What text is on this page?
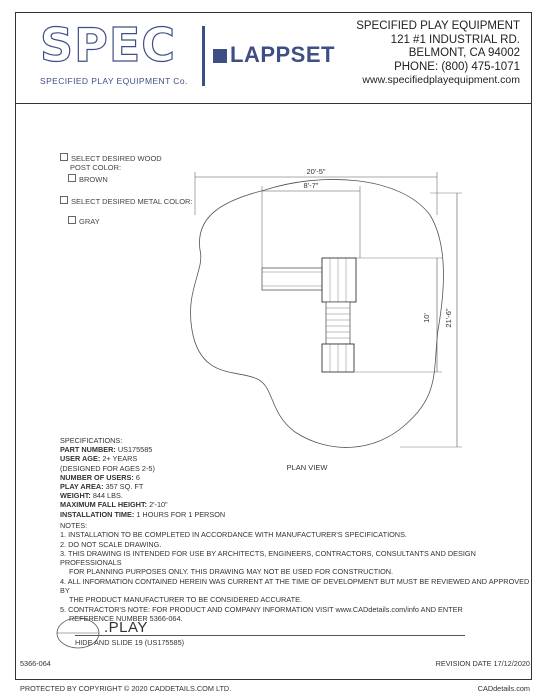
SPEC
SPECIFIED PLAY EQUIPMENT Co.
LAPPSET
SPECIFIED PLAY EQUIPMENT
121 #1 INDUSTRIAL RD.
BELMONT, CA 94002
PHONE: (800) 475-1071
www.specifiedplayequipment.com
SELECT DESIRED WOOD
POST COLOR:
BROWN
SELECT DESIRED METAL COLOR:
GRAY
20'-5"
8'-7"
10' 21'-6"
PLAN VIEW
SPECIFICATIONS:
PART NUMBER: US175585
USER AGE: 2+ YEARS
(DESIGNED FOR AGES 2-5)
NUMBER OF USERS: 6
PLAY AREA: 357 SQ. FT
WEIGHT: 844 LBS.
MAXIMUM FALL HEIGHT: 2'-10"
INSTALLATION TIME: 1 HOURS FOR 1 PERSON
NOTES:
1. INSTALLATION TO BE COMPLETED IN ACCORDANCE WITH MANUFACTURER'S SPECIFICATIONS.
2. DO NOT SCALE DRAWING.
3. THIS DRAWING IS INTENDED FOR USE BY ARCHITECTS, ENGINEERS, CONTRACTORS, CONSULTANTS AND DESIGN PROFESSIONALS
FOR PLANNING PURPOSES ONLY. THIS DRAWING MAY NOT BE USED FOR CONSTRUCTION.
4. ALL INFORMATION CONTAINED HEREIN WAS CURRENT AT THE TIME OF DEVELOPMENT BUT MUST BE REVIEWED AND APPROVED BY
THE PRODUCT MANUFACTURER TO BE CONSIDERED ACCURATE.
5. CONTRACTOR'S NOTE: FOR PRODUCT AND COMPANY INFORMATION VISIT www.CADdetails.com/info AND ENTER
REFERENCE NUMBER 5366-064.
.PLAY
HIDE AND SLIDE 19 (US175585)
5366-064	REVISION DATE 17/12/2020
PROTECTED BY COPYRIGHT © 2020 CADDETAILS.COM LTD.	CADdetails.com
